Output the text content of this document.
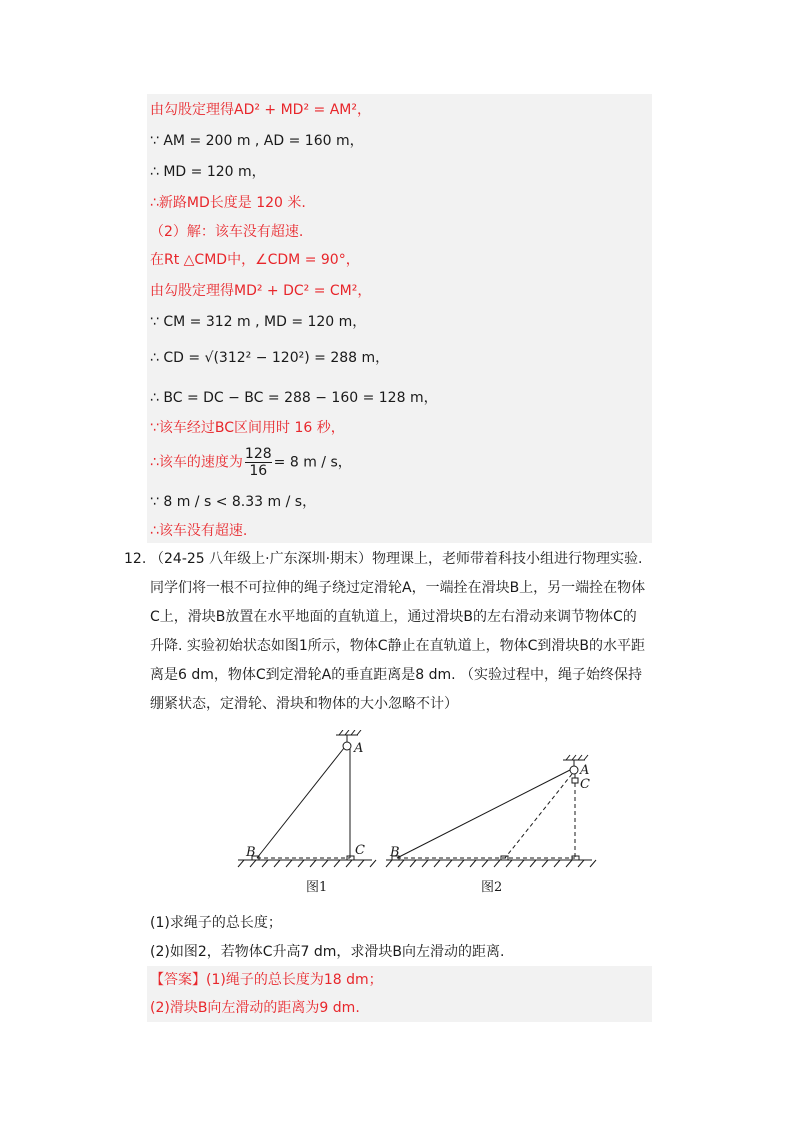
由勾股定理得AD² + MD² = AM²，
∵ AM = 200 m , AD = 160 m，
∴ MD = 120 m，
∴新路MD长度是 120 米.
（2）解：该车没有超速.
在Rt △CMD中，∠CDM = 90°，
由勾股定理得MD² + DC² = CM²，
∵ CM = 312 m , MD = 120 m，
∴ CD = √(312² − 120²) = 288 m，
∴ BC = DC − BC = 288 − 160 = 128 m，
∵该车经过BC区间用时 16 秒，
∴该车的速度为 $\frac{128}{16} = 8$ m / s，
∵ 8 m / s < 8.33 m / s，
∴该车没有超速.
12. （24-25 八年级上·广东深圳·期末）物理课上，老师带着科技小组进行物理实验.同学们将一根不可拉伸的绳子绕过定滑轮A，一端拴在滑块B上，另一端拴在物体C上，滑块B放置在水平地面的直轨道上，通过滑块B的左右滑动来调节物体C的升降. 实验初始状态如图1所示，物体C静止在直轨道上，物体C到滑块B的水平距离是6 dm，物体C到定滑轮A的垂直距离是8 dm. （实验过程中，绳子始终保持绷紧状态，定滑轮、滑块和物体的大小忽略不计）
A
B	C
A
B
C
图1	图2
(1)求绳子的总长度；
(2)如图2，若物体C升高7 dm，求滑块B向左滑动的距离.
【答案】(1)绳子的总长度为18 dm；
(2)滑块B向左滑动的距离为9 dm.
